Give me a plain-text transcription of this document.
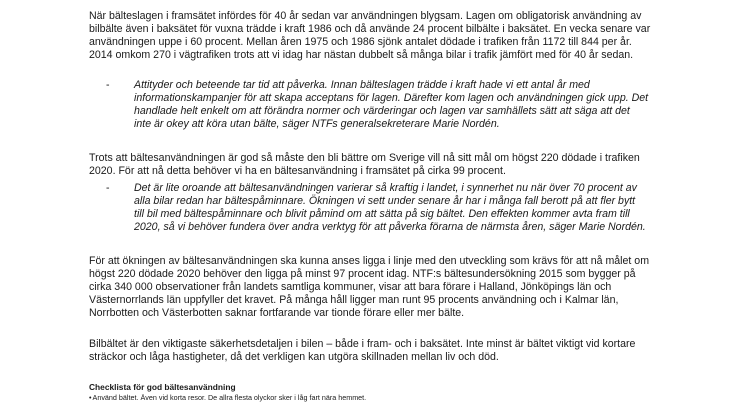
När bälteslagen i framsätet infördes för 40 år sedan var användningen blygsam. Lagen om obligatorisk användning av
bilbälte även i baksätet för vuxna trädde i kraft 1986 och då använde 24 procent bilbälte i baksätet. En vecka senare var
användningen uppe i 60 procent. Mellan åren 1975 och 1986 sjönk antalet dödade i trafiken från 1172 till 844 per år.
2014 omkom 270 i vägtrafiken trots att vi idag har nästan dubbelt så många bilar i trafik jämfört med för 40 år sedan.

- Attityder och beteende tar tid att påverka. Innan bälteslagen trädde i kraft hade vi ett antal år med
informationskampanjer för att skapa acceptans för lagen. Därefter kom lagen och användningen gick upp. Det
handlade helt enkelt om att förändra normer och värderingar och lagen var samhällets sätt att säga att det
inte är okey att köra utan bälte, säger NTFs generalsekreterare Marie Nordén.

Trots att bältesanvändningen är god så måste den bli bättre om Sverige vill nå sitt mål om högst 220 dödade i trafiken
2020. För att nå detta behöver vi ha en bältesanvändning i framsätet på cirka 99 procent.

- Det är lite oroande att bältesanvändningen varierar så kraftig i landet, i synnerhet nu när över 70 procent av
alla bilar redan har bältespåminnare. Ökningen vi sett under senare år har i många fall berott på att fler bytt
till bil med bältespåminnare och blivit påmind om att sätta på sig bältet. Den effekten kommer avta fram till
2020, så vi behöver fundera över andra verktyg för att påverka förarna de närmsta åren, säger Marie Nordén.

För att ökningen av bältesanvändningen ska kunna anses ligga i linje med den utveckling som krävs för att nå målet om
högst 220 dödade 2020 behöver den ligga på minst 97 procent idag. NTF:s bältesundersökning 2015 som bygger på
cirka 340 000 observationer från landets samtliga kommuner, visar att bara förare i Halland, Jönköpings län och
Västernorrlands län uppfyller det kravet. På många håll ligger man runt 95 procents användning och i Kalmar län,
Norrbotten och Västerbotten saknar fortfarande var tionde förare eller mer bälte.

Bilbältet är den viktigaste säkerhetsdetaljen i bilen – både i fram- och i baksätet. Inte minst är bältet viktigt vid kortare
sträckor och låga hastigheter, då det verkligen kan utgöra skillnaden mellan liv och död.

Checklista för god bältesanvändning

•Använd bältet. Även vid korta resor. De allra flesta olyckor sker i låg fart nära hemmet.
